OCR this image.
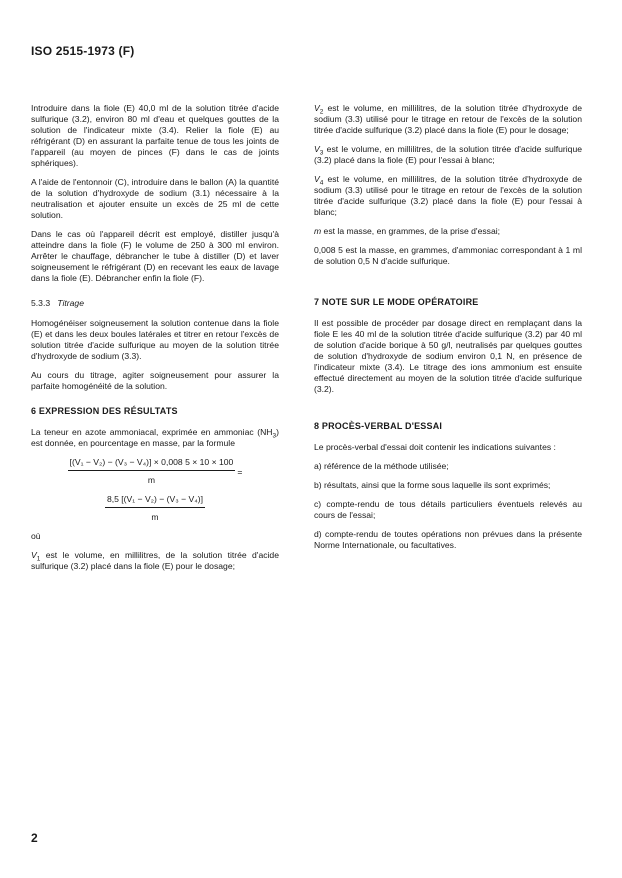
ISO 2515-1973 (F)

Introduire dans la fiole (E) 40,0 ml de la solution titrée d'acide sulfurique (3.2), environ 80 ml d'eau et quelques gouttes de la solution de l'indicateur mixte (3.4). Relier la fiole (E) au réfrigérant (D) en assurant la parfaite tenue de tous les joints de l'appareil (au moyen de pinces (F) dans le cas de joints sphériques).

A l'aide de l'entonnoir (C), introduire dans le ballon (A) la quantité de la solution d'hydroxyde de sodium (3.1) nécessaire à la neutralisation et ajouter ensuite un excès de 25 ml de cette solution.

Dans le cas où l'appareil décrit est employé, distiller jusqu'à atteindre dans la fiole (F) le volume de 250 à 300 ml environ. Arrêter le chauffage, débrancher le tube à distiller (D) et laver soigneusement le réfrigérant (D) en recevant les eaux de lavage dans la fiole (E). Débrancher enfin la fiole (F).

5.3.3 Titrage

Homogénéiser soigneusement la solution contenue dans la fiole (E) et dans les deux boules latérales et titrer en retour l'excès de solution titrée d'acide sulfurique au moyen de la solution titrée d'hydroxyde de sodium (3.3).

Au cours du titrage, agiter soigneusement pour assurer la parfaite homogénéité de la solution.

6 EXPRESSION DES RÉSULTATS

La teneur en azote ammoniacal, exprimée en ammoniac $(NH_3)$ est donnée, en pourcentage en masse, par la formule

$\frac{\text{[(V₁ − V₂) − (V₃ − V₄)] × 0,008 5 × 10 × 100}}{m}$ =
$\frac{\text{8,5 [(V₁ − V₂) − (V₃ − V₄)]}}{m}$

où

$V_1$ est le volume, en millilitres, de la solution titrée d'acide sulfurique (3.2) placé dans la fiole (E) pour le dosage;

$V_2$ est le volume, en millilitres, de la solution titrée d'hydroxyde de sodium (3.3) utilisé pour le titrage en retour de l'excès de la solution titrée d'acide sulfurique (3.2) placé dans la fiole (E) pour le dosage;

$V_3$ est le volume, en millilitres, de la solution titrée d'acide sulfurique (3.2) placé dans la fiole (E) pour l'essai à blanc;

$V_4$ est le volume, en millilitres, de la solution titrée d'hydroxyde de sodium (3.3) utilisé pour le titrage en retour de l'excès de la solution titrée d'acide sulfurique (3.2) placé dans la fiole (E) pour l'essai à blanc;

m est la masse, en grammes, de la prise d'essai;

0,008 5 est la masse, en grammes, d'ammoniac correspondant à 1 ml de solution 0,5 N d'acide sulfurique.

7 NOTE SUR LE MODE OPÉRATOIRE

Il est possible de procéder par dosage direct en remplaçant dans la fiole E les 40 ml de la solution titrée d'acide sulfurique (3.2) par 40 ml de solution d'acide borique à 50 g/l, neutralisés par quelques gouttes de solution d'hydroxyde de sodium environ 0,1 N, en présence de l'indicateur mixte (3.4). Le titrage des ions ammonium est ensuite effectué directement au moyen de la solution titrée d'acide sulfurique (3.2).

8 PROCÈS-VERBAL D'ESSAI

Le procès-verbal d'essai doit contenir les indications suivantes :

a) référence de la méthode utilisée;

b) résultats, ainsi que la forme sous laquelle ils sont exprimés;

c) compte-rendu de tous détails particuliers éventuels relevés au cours de l'essai;

d) compte-rendu de toutes opérations non prévues dans la présente Norme Internationale, ou facultatives.

2
